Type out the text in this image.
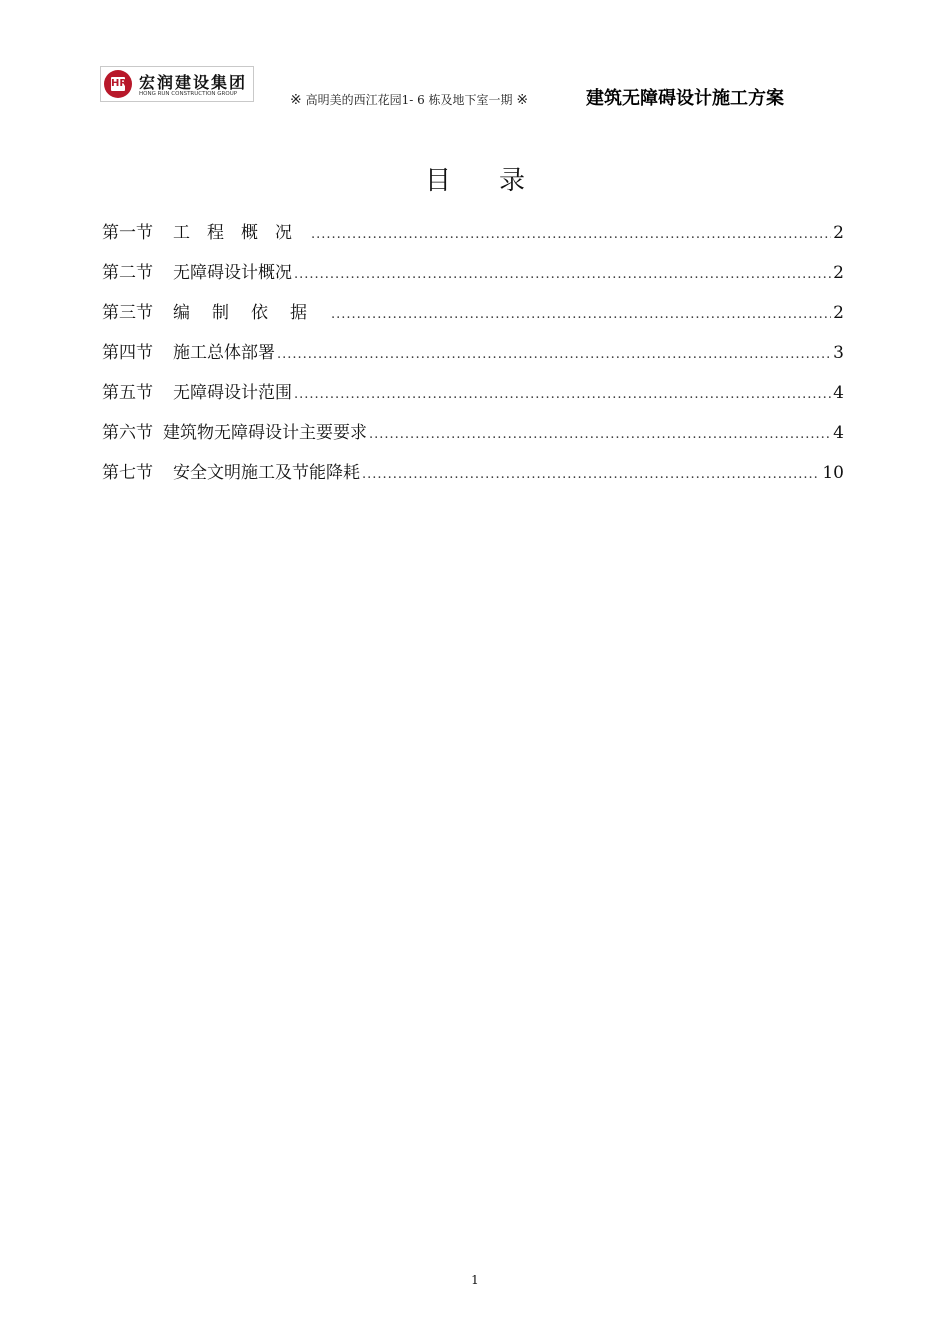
HR 宏润建设集团
HONG RUN CONSTRUCTION GROUP	※ 高明美的西江花园1- 6 栋及地下室一期 ※	建筑无障碍设计施工方案
目录
第一节 工程概况 .....	2
第二节 无障碍设计概况 .....	2
第三节 编制依据 .....	2
第四节 施工总体部署 .....	3
第五节 无障碍设计范围 .....	4
第六节 建筑物无障碍设计主要要求 .....	4
第七节 安全文明施工及节能降耗 .....	10
1
